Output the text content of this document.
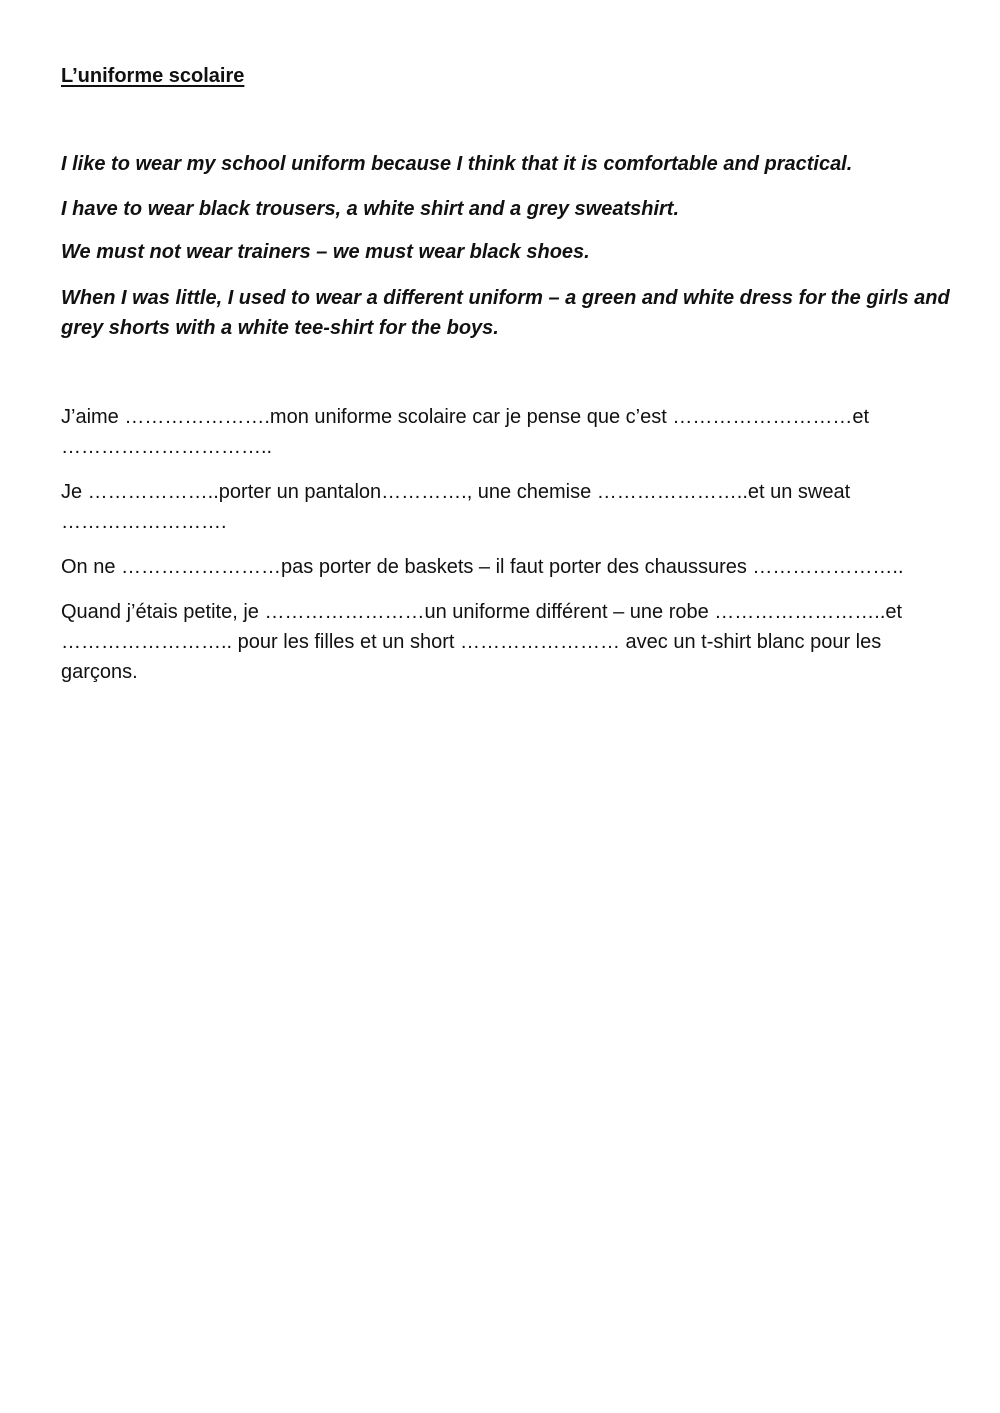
L’uniforme scolaire

I like to wear my school uniform because I think that it is comfortable and practical.

I have to wear black trousers, a white shirt and a grey sweatshirt.

We must not wear trainers – we must wear black shoes.

When I was little, I used to wear a different uniform – a green and white dress for the girls and grey shorts with a white tee-shirt for the boys.

J’aime ………………….mon uniforme scolaire car je pense que c’est ………………………et …………………………..

Je ………………..porter un pantalon…………., une chemise …………………..et un sweat …………………….

On ne ……………………pas porter de baskets – il faut porter des chaussures …………………..

Quand j’étais petite, je ……………………un uniforme différent – une robe ……………………..et …………………….. pour les filles et un short …………………… avec un t-shirt blanc pour les garçons.
